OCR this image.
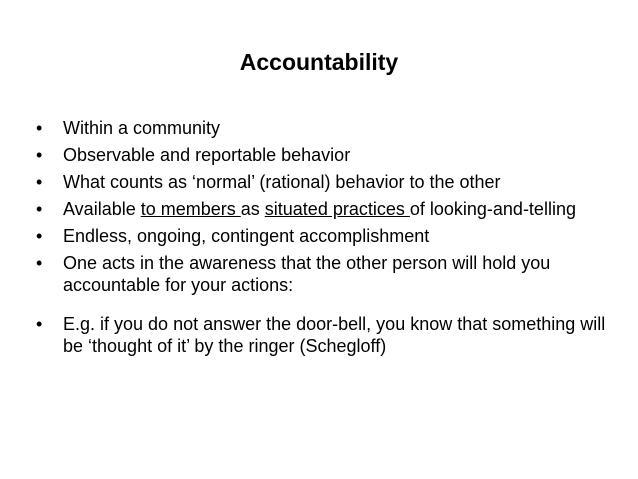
Accountability
• Within a community
• Observable and reportable behavior
• What counts as ‘normal’ (rational) behavior to the other
• Available to members as situated practices of looking-and-telling
• Endless, ongoing, contingent accomplishment
• One acts in the awareness that the other person will hold you accountable for your actions:
• E.g. if you do not answer the door-bell, you know that something will be ‘thought of it’ by the ringer (Schegloff)
